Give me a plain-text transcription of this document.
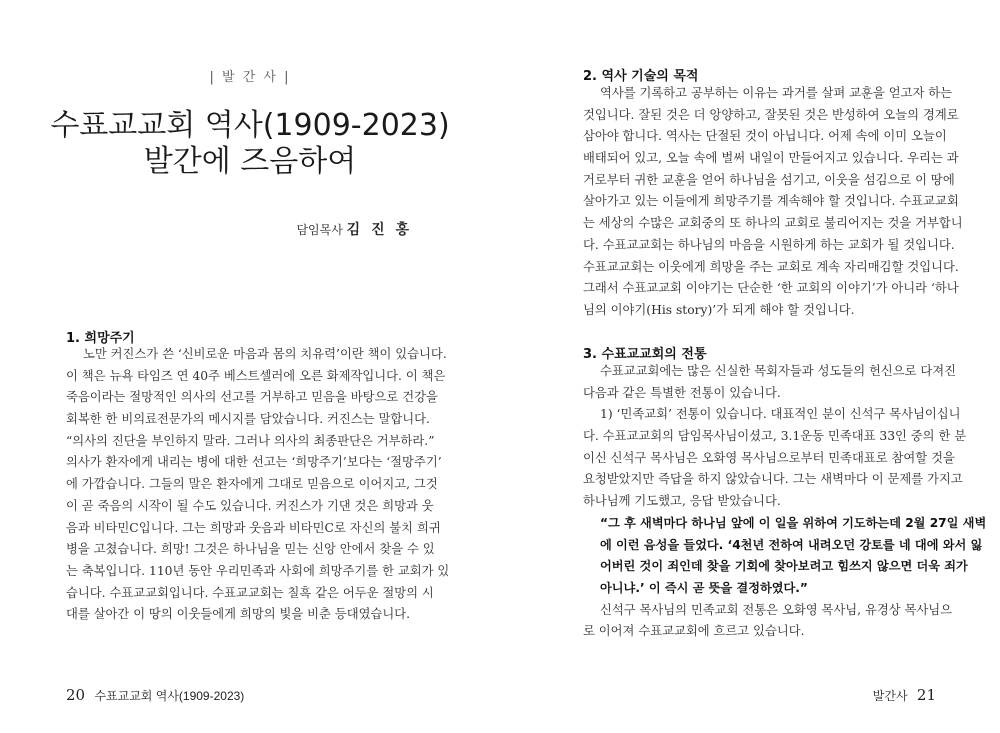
| 발 간 사 |
수표교교회 역사(1909-2023)
발간에 즈음하여
담임목사 김 진 홍
1. 희망주기
노만 커진스가 쓴 ‘신비로운 마음과 몸의 치유력’이란 책이 있습니다.
이 책은 뉴욕 타임즈 연 40주 베스트셀러에 오른 화제작입니다. 이 책은
죽음이라는 절망적인 의사의 선고를 거부하고 믿음을 바탕으로 건강을
회복한 한 비의료전문가의 메시지를 담았습니다. 커진스는 말합니다.
“의사의 진단을 부인하지 말라. 그러나 의사의 최종판단은 거부하라.”
의사가 환자에게 내리는 병에 대한 선고는 ‘희망주기’보다는 ‘절망주기’
에 가깝습니다. 그들의 말은 환자에게 그대로 믿음으로 이어지고, 그것
이 곧 죽음의 시작이 될 수도 있습니다. 커진스가 기댄 것은 희망과 웃
음과 비타민C입니다. 그는 희망과 웃음과 비타민C로 자신의 불치 희귀
병을 고쳤습니다. 희망! 그것은 하나님을 믿는 신앙 안에서 찾을 수 있
는 축복입니다. 110년 동안 우리민족과 사회에 희망주기를 한 교회가 있
습니다. 수표교교회입니다. 수표교교회는 칠흑 같은 어두운 절망의 시
대를 살아간 이 땅의 이웃들에게 희망의 빛을 비춘 등대였습니다.
20 수표교교회 역사(1909-2023)
2. 역사 기술의 목적
역사를 기록하고 공부하는 이유는 과거를 살펴 교훈을 얻고자 하는
것입니다. 잘된 것은 더 앙양하고, 잘못된 것은 반성하여 오늘의 경계로
삼아야 합니다. 역사는 단절된 것이 아닙니다. 어제 속에 이미 오늘이
배태되어 있고, 오늘 속에 벌써 내일이 만들어지고 있습니다. 우리는 과
거로부터 귀한 교훈을 얻어 하나님을 섬기고, 이웃을 섬김으로 이 땅에
살아가고 있는 이들에게 희망주기를 계속해야 할 것입니다. 수표교교회
는 세상의 수많은 교회중의 또 하나의 교회로 불리어지는 것을 거부합니
다. 수표교교회는 하나님의 마음을 시원하게 하는 교회가 될 것입니다.
수표교교회는 이웃에게 희망을 주는 교회로 계속 자리매김할 것입니다.
그래서 수표교교회 이야기는 단순한 ‘한 교회의 이야기’가 아니라 ‘하나
님의 이야기(His story)’가 되게 해야 할 것입니다.
3. 수표교교회의 전통
수표교교회에는 많은 신실한 목회자들과 성도들의 헌신으로 다져진
다음과 같은 특별한 전통이 있습니다.
1) ‘민족교회’ 전통이 있습니다. 대표적인 분이 신석구 목사님이십니
다. 수표교교회의 담임목사님이셨고, 3.1운동 민족대표 33인 중의 한 분
이신 신석구 목사님은 오화영 목사님으로부터 민족대표로 참여할 것을
요청받았지만 즉답을 하지 않았습니다. 그는 새벽마다 이 문제를 가지고
하나님께 기도했고, 응답 받았습니다.
“그 후 새벽마다 하나님 앞에 이 일을 위하여 기도하는데 2월 27일 새벽
에 이런 음성을 들었다. ‘4천년 전하여 내려오던 강토를 네 대에 와서 잃
어버린 것이 죄인데 찾을 기회에 찾아보려고 힘쓰지 않으면 더욱 죄가
아니냐.’ 이 즉시 곧 뜻을 결정하였다.”
신석구 목사님의 민족교회 전통은 오화영 목사님, 유경상 목사님으
로 이어져 수표교교회에 흐르고 있습니다.
발간사 21
